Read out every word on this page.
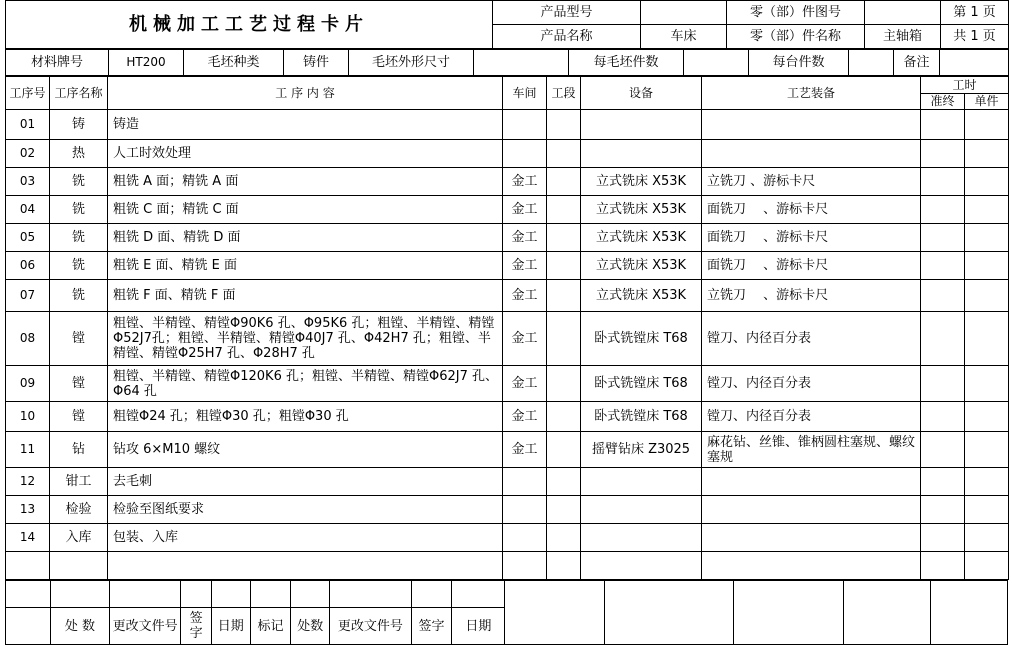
机械加工工艺过程卡片	产品型号		零（部）件图号		第 1 页
	产品名称	车床	零（部）件名称	主轴箱	共 1 页
材料牌号	HT200	毛坯种类	铸件	毛坯外形尺寸		每毛坯件数		每台件数		备注	
工序号	工序名称	工 序 内 容	车间	工段	设备	工艺装备	工时	
							准终	单件
01	铸	铸造						
02	热	人工时效处理						
03	铣	粗铣 A 面；精铣 A 面	金工		立式铣床 X53K	立铣刀 、游标卡尺		
04	铣	粗铣 C 面；精铣 C 面	金工		立式铣床 X53K	面铣刀 　、游标卡尺		
05	铣	粗铣 D 面、精铣 D 面	金工		立式铣床 X53K	面铣刀 　、游标卡尺		
06	铣	粗铣 E 面、精铣 E 面	金工		立式铣床 X53K	面铣刀 　、游标卡尺		
07	铣	粗铣 F 面、精铣 F 面	金工		立式铣床 X53K	立铣刀 　、游标卡尺		
08	镗	粗镗、半精镗、精镗Φ90K6 孔、Φ95K6 孔；粗镗、半精镗、精镗Φ52J7孔；粗镗、半精镗、精镗Φ40J7 孔、Φ42H7 孔；粗镗、半精镗、精镗Φ25H7 孔、Φ28H7 孔	金工		卧式铣镗床 T68	镗刀、内径百分表		
09	镗	粗镗、半精镗、精镗Φ120K6 孔；粗镗、半精镗、精镗Φ62J7 孔、Φ64 孔	金工		卧式铣镗床 T68	镗刀、内径百分表		
10	镗	粗镗Φ24 孔；粗镗Φ30 孔；粗镗Φ30 孔	金工		卧式铣镗床 T68	镗刀、内径百分表		
11	钻	钻攻 6×M10 螺纹	金工		摇臂钻床 Z3025	麻花钻、丝锥、锥柄圆柱塞规、螺纹塞规		
12	钳工	去毛刺						
13	检验	检验至图纸要求						
14	入库	包装、入库						

	处 数	更改文件号	签字	日期	标记	处数	更改文件号	签字	日期					
